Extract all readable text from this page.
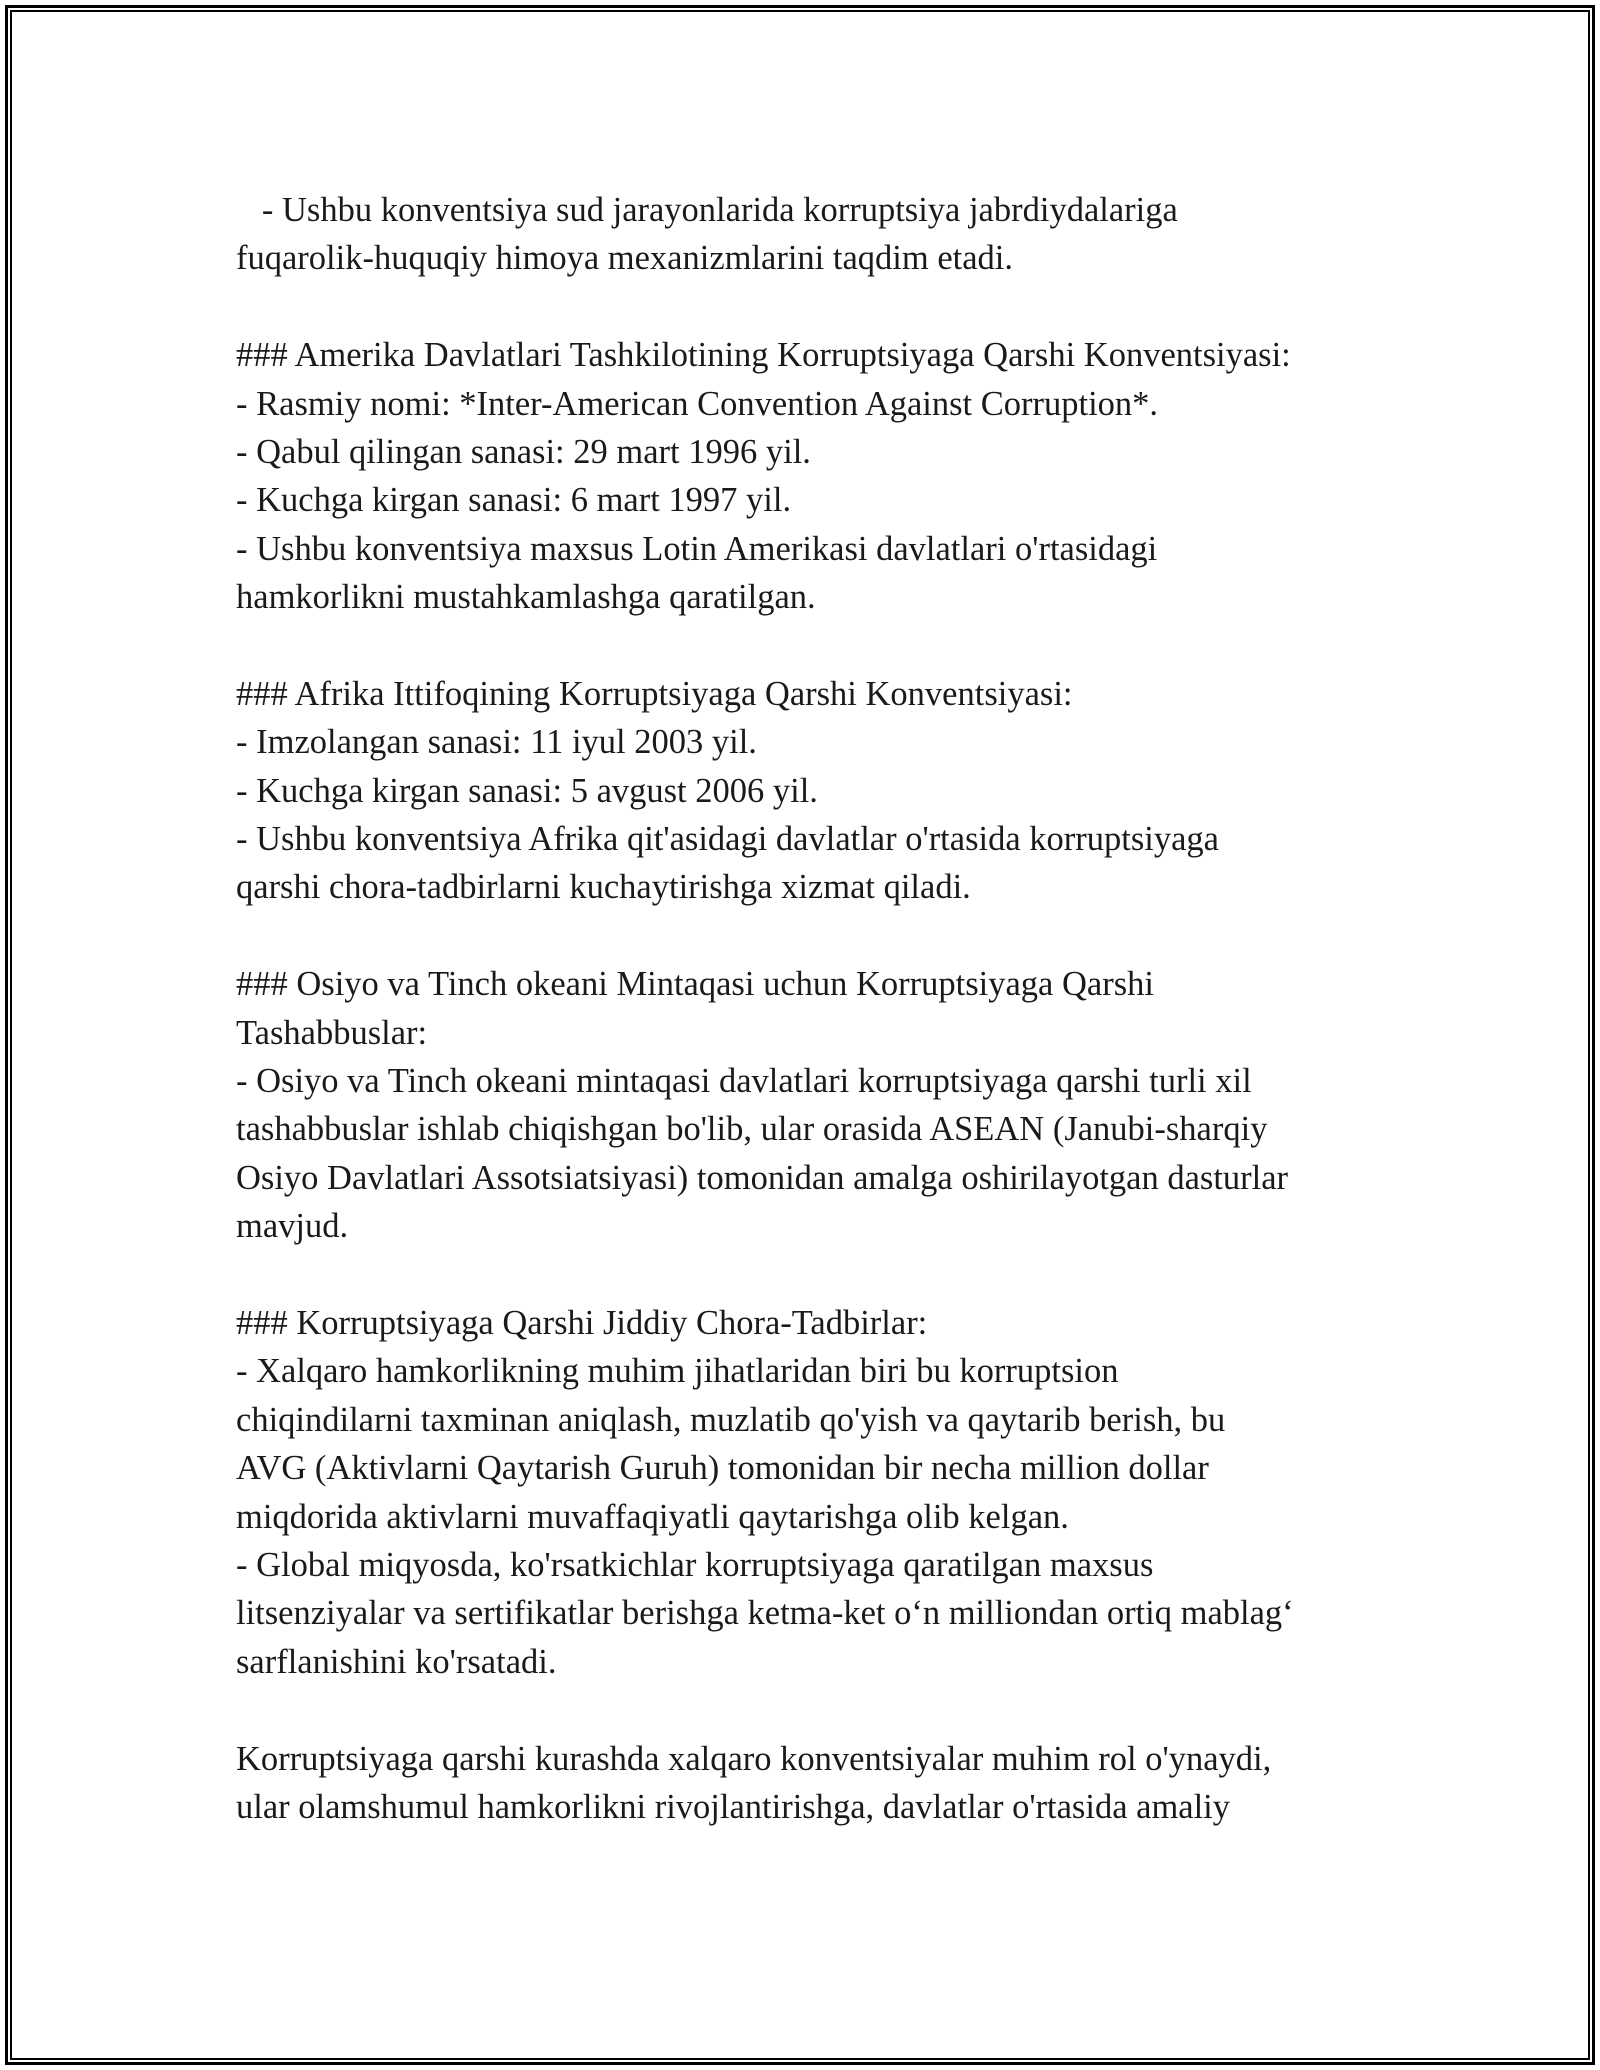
- Ushbu konventsiya sud jarayonlarida korruptsiya jabrdiydalariga
fuqarolik-huquqiy himoya mexanizmlarini taqdim etadi.
### Amerika Davlatlari Tashkilotining Korruptsiyaga Qarshi Konventsiyasi:
- Rasmiy nomi: *Inter-American Convention Against Corruption*.
- Qabul qilingan sanasi: 29 mart 1996 yil.
- Kuchga kirgan sanasi: 6 mart 1997 yil.
- Ushbu konventsiya maxsus Lotin Amerikasi davlatlari o'rtasidagi
hamkorlikni mustahkamlashga qaratilgan.
### Afrika Ittifoqining Korruptsiyaga Qarshi Konventsiyasi:
- Imzolangan sanasi: 11 iyul 2003 yil.
- Kuchga kirgan sanasi: 5 avgust 2006 yil.
- Ushbu konventsiya Afrika qit'asidagi davlatlar o'rtasida korruptsiyaga
qarshi chora-tadbirlarni kuchaytirishga xizmat qiladi.
### Osiyo va Tinch okeani Mintaqasi uchun Korruptsiyaga Qarshi
Tashabbuslar:
- Osiyo va Tinch okeani mintaqasi davlatlari korruptsiyaga qarshi turli xil
tashabbuslar ishlab chiqishgan bo'lib, ular orasida ASEAN (Janubi-sharqiy
Osiyo Davlatlari Assotsiatsiyasi) tomonidan amalga oshirilayotgan dasturlar
mavjud.
### Korruptsiyaga Qarshi Jiddiy Chora-Tadbirlar:
- Xalqaro hamkorlikning muhim jihatlaridan biri bu korruptsion
chiqindilarni taxminan aniqlash, muzlatib qo'yish va qaytarib berish, bu
AVG (Aktivlarni Qaytarish Guruh) tomonidan bir necha million dollar
miqdorida aktivlarni muvaffaqiyatli qaytarishga olib kelgan.
- Global miqyosda, ko'rsatkichlar korruptsiyaga qaratilgan maxsus
litsenziyalar va sertifikatlar berishga ketma-ket o‘n milliondan ortiq mablag‘
sarflanishini ko'rsatadi.
Korruptsiyaga qarshi kurashda xalqaro konventsiyalar muhim rol o'ynaydi,
ular olamshumul hamkorlikni rivojlantirishga, davlatlar o'rtasida amaliy
